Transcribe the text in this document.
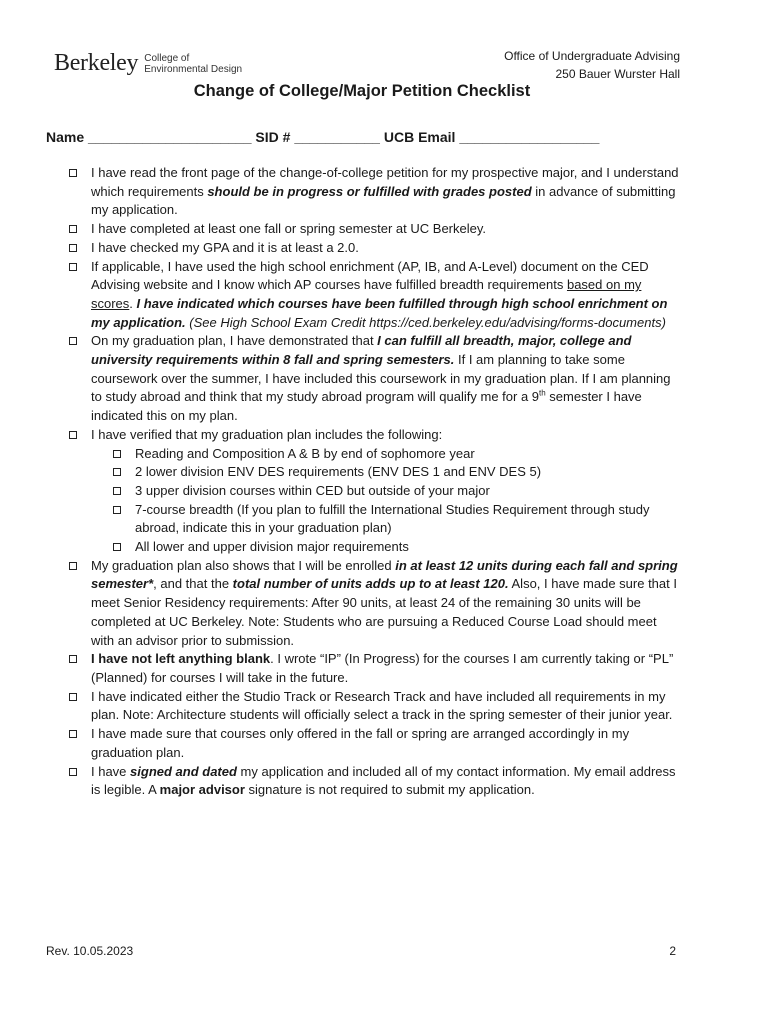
Berkeley College of
Environmental Design
Office of Undergraduate Advising
250 Bauer Wurster Hall
Change of College/Major Petition Checklist
Name _____________________ SID # ___________ UCB Email __________________
I have read the front page of the change-of-college petition for my prospective major, and I understand which requirements should be in progress or fulfilled with grades posted in advance of submitting my application.
I have completed at least one fall or spring semester at UC Berkeley.
I have checked my GPA and it is at least a 2.0.
If applicable, I have used the high school enrichment (AP, IB, and A-Level) document on the CED Advising website and I know which AP courses have fulfilled breadth requirements based on my scores. I have indicated which courses have been fulfilled through high school enrichment on my application. (See High School Exam Credit https://ced.berkeley.edu/advising/forms-documents)
On my graduation plan, I have demonstrated that I can fulfill all breadth, major, college and university requirements within 8 fall and spring semesters. If I am planning to take some coursework over the summer, I have included this coursework in my graduation plan. If I am planning to study abroad and think that my study abroad program will qualify me for a 9th semester I have indicated this on my plan.
I have verified that my graduation plan includes the following:
Reading and Composition A & B by end of sophomore year
2 lower division ENV DES requirements (ENV DES 1 and ENV DES 5)
3 upper division courses within CED but outside of your major
7-course breadth (If you plan to fulfill the International Studies Requirement through study abroad, indicate this in your graduation plan)
All lower and upper division major requirements
My graduation plan also shows that I will be enrolled in at least 12 units during each fall and spring semester*, and that the total number of units adds up to at least 120. Also, I have made sure that I meet Senior Residency requirements: After 90 units, at least 24 of the remaining 30 units will be completed at UC Berkeley. Note: Students who are pursuing a Reduced Course Load should meet with an advisor prior to submission.
I have not left anything blank. I wrote “IP” (In Progress) for the courses I am currently taking or “PL” (Planned) for courses I will take in the future.
I have indicated either the Studio Track or Research Track and have included all requirements in my plan. Note: Architecture students will officially select a track in the spring semester of their junior year.
I have made sure that courses only offered in the fall or spring are arranged accordingly in my graduation plan.
I have signed and dated my application and included all of my contact information. My email address is legible. A major advisor signature is not required to submit my application.
Rev. 10.05.2023	2
